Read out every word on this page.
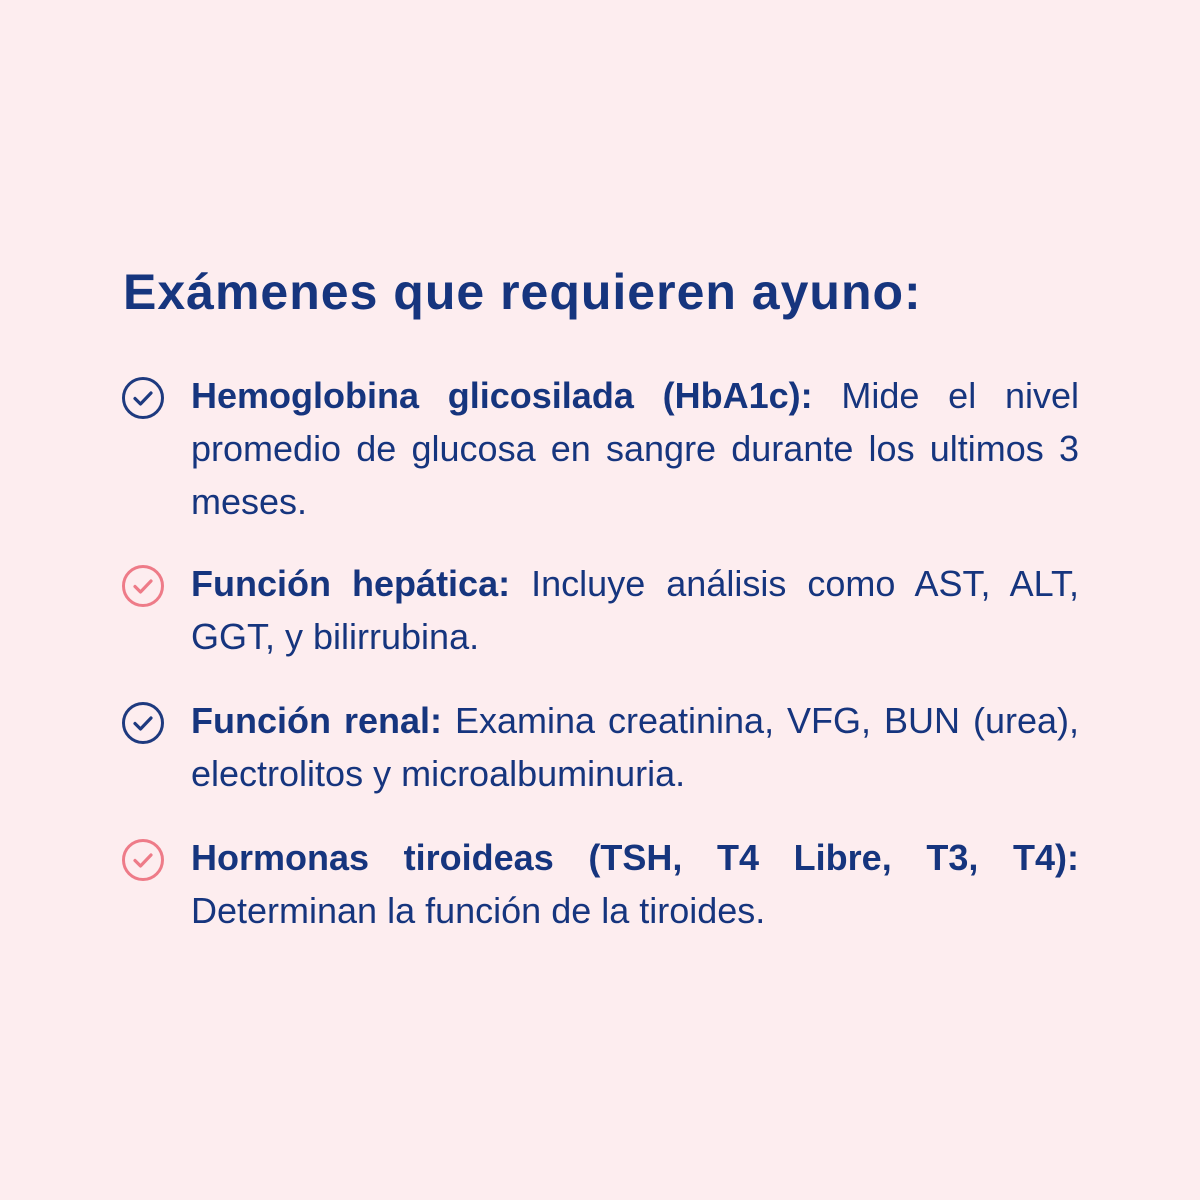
Exámenes que requieren ayuno:
Hemoglobina glicosilada (HbA1c): Mide el nivel promedio de glucosa en sangre durante los ultimos 3 meses.
Función hepática: Incluye análisis como AST, ALT, GGT, y bilirrubina.
Función renal: Examina creatinina, VFG, BUN (urea), electrolitos y microalbuminuria.
Hormonas tiroideas (TSH, T4 Libre, T3, T4): Determinan la función de la tiroides.
